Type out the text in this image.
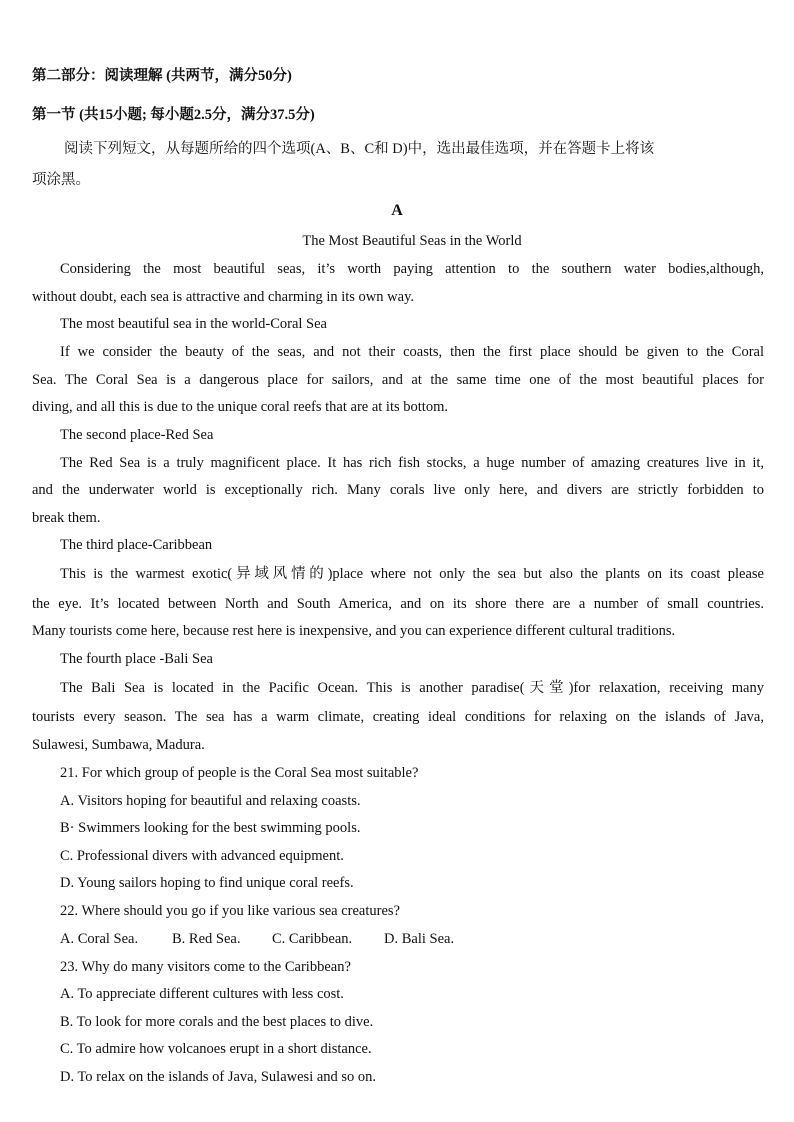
第二部分：阅读理解 (共两节，满分50分)
第一节 (共15小题; 每小题2.5分，满分37.5分)
阅读下列短文，从每题所给的四个选项(A、B、C和 D)中，选出最佳选项，并在答题卡上将该
项涂黑。
A
The Most Beautiful Seas in the World
Considering the most beautiful seas, it’s worth paying attention to the southern water bodies,although,
without doubt, each sea is attractive and charming in its own way.
The most beautiful sea in the world-Coral Sea
If we consider the beauty of the seas, and not their coasts, then the first place should be given to the Coral
Sea. The Coral Sea is a dangerous place for sailors, and at the same time one of the most beautiful places for
diving, and all this is due to the unique coral reefs that are at its bottom.
The second place-Red Sea
The Red Sea is a truly magnificent place. It has rich fish stocks, a huge number of amazing creatures live in it,
and the underwater world is exceptionally rich. Many corals live only here, and divers are strictly forbidden to
break them.
The third place-Caribbean
This is the warmest exotic(异域风情的)place where not only the sea but also the plants on its coast please
the eye. It’s located between North and South America, and on its shore there are a number of small countries.
Many tourists come here, because rest here is inexpensive, and you can experience different cultural traditions.
The fourth place -Bali Sea
The Bali Sea is located in the Pacific Ocean. This is another paradise(天堂)for relaxation, receiving many
tourists every season. The sea has a warm climate, creating ideal conditions for relaxing on the islands of Java,
Sulawesi, Sumbawa, Madura.
21. For which group of people is the Coral Sea most suitable?
A. Visitors hoping for beautiful and relaxing coasts.
B· Swimmers looking for the best swimming pools.
C. Professional divers with advanced equipment.
D. Young sailors hoping to find unique coral reefs.
22. Where should you go if you like various sea creatures?
A. Coral Sea. B. Red Sea. C. Caribbean. D. Bali Sea.
23. Why do many visitors come to the Caribbean?
A. To appreciate different cultures with less cost.
B. To look for more corals and the best places to dive.
C. To admire how volcanoes erupt in a short distance.
D. To relax on the islands of Java, Sulawesi and so on.
